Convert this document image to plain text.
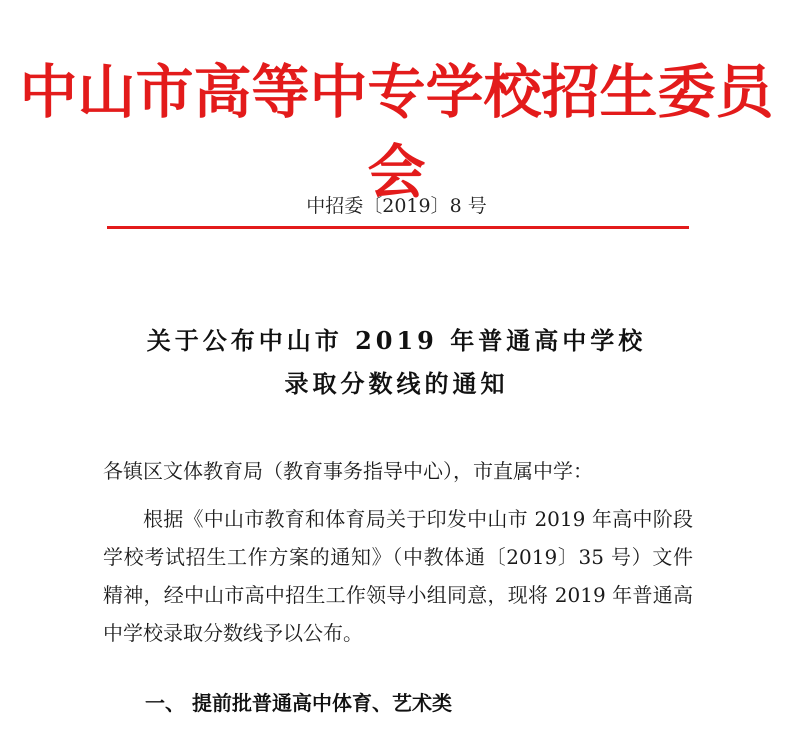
中山市高等中专学校招生委员会
中招委〔2019〕8 号
关于公布中山市 2019 年普通高中学校
录取分数线的通知
各镇区文体教育局（教育事务指导中心），市直属中学：
根据《中山市教育和体育局关于印发中山市 2019 年高中阶段学校考试招生工作方案的通知》（中教体通〔2019〕35 号）文件精神，经中山市高中招生工作领导小组同意，现将 2019 年普通高中学校录取分数线予以公布。
一、 提前批普通高中体育、艺术类
